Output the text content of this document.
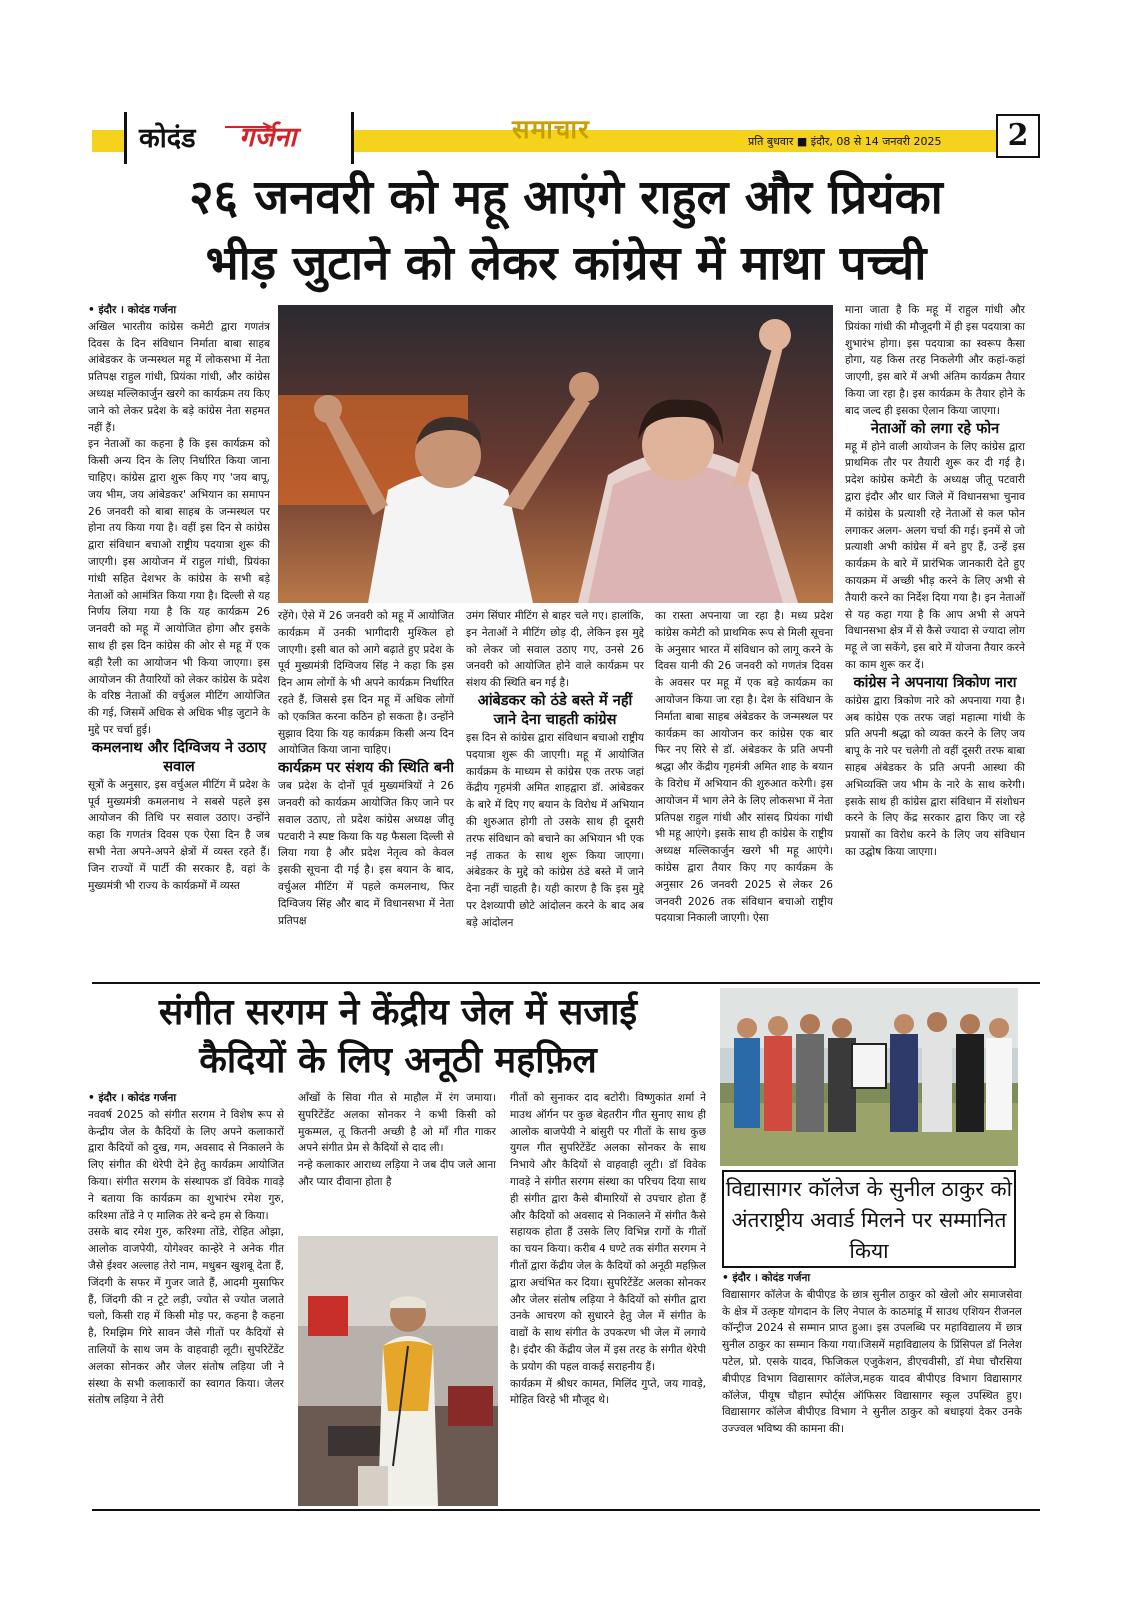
कोदंड गर्जना	समाचार	प्रति बुधवार ■ इंदौर, 08 से 14 जनवरी 2025	2
२६ जनवरी को महू आएंगे राहुल और प्रियंका
भीड़ जुटाने को लेकर कांग्रेस में माथा पच्ची

• इंदौर । कोदंड गर्जना

अखिल भारतीय कांग्रेस कमेटी द्वारा गणतंत्र दिवस के दिन संविधान निर्माता बाबा साहब आंबेडकर के जन्मस्थल महू में लोकसभा में नेता प्रतिपक्ष राहुल गांधी, प्रियंका गांधी, और कांग्रेस अध्यक्ष मल्लिकार्जुन खरगे का कार्यक्रम तय किए जाने को लेकर प्रदेश के बड़े कांग्रेस नेता सहमत नहीं हैं।

इन नेताओं का कहना है कि इस कार्यक्रम को किसी अन्य दिन के लिए निर्धारित किया जाना चाहिए। कांग्रेस द्वारा शुरू किए गए 'जय बापू, जय भीम, जय आंबेडकर' अभियान का समापन 26 जनवरी को बाबा साहब के जन्मस्थल पर होना तय किया गया है। वहीं इस दिन से कांग्रेस द्वारा संविधान बचाओ राष्ट्रीय पदयात्रा शुरू की जाएगी। इस आयोजन में राहुल गांधी, प्रियंका गांधी सहित देशभर के कांग्रेस के सभी बड़े नेताओं को आमंत्रित किया गया है। दिल्ली से यह निर्णय लिया गया है कि यह कार्यक्रम 26 जनवरी को महू में आयोजित होगा और इसके साथ ही इस दिन कांग्रेस की ओर से महू में एक बड़ी रैली का आयोजन भी किया जाएगा। इस आयोजन की तैयारियों को लेकर कांग्रेस के प्रदेश के वरिष्ठ नेताओं की वर्चुअल मीटिंग आयोजित की गई, जिसमें अधिक से अधिक भीड़ जुटाने के मुद्दे पर चर्चा हुई।

कमलनाथ और दिग्विजय ने उठाए सवाल

सूत्रों के अनुसार, इस वर्चुअल मीटिंग में प्रदेश के पूर्व मुख्यमंत्री कमलनाथ ने सबसे पहले इस आयोजन की तिथि पर सवाल उठाए। उन्होंने कहा कि गणतंत्र दिवस एक ऐसा दिन है जब सभी नेता अपने-अपने क्षेत्रों में व्यस्त रहते हैं। जिन राज्यों में पार्टी की सरकार है, वहां के मुख्यमंत्री भी राज्य के कार्यक्रमों में व्यस्त

रहेंगे। ऐसे में 26 जनवरी को महू में आयोजित कार्यक्रम में उनकी भागीदारी मुश्किल हो जाएगी। इसी बात को आगे बढ़ाते हुए प्रदेश के पूर्व मुख्यमंत्री दिग्विजय सिंह ने कहा कि इस दिन आम लोगों के भी अपने कार्यक्रम निर्धारित रहते हैं, जिससे इस दिन महू में अधिक लोगों को एकत्रित करना कठिन हो सकता है। उन्होंने सुझाव दिया कि यह कार्यक्रम किसी अन्य दिन आयोजित किया जाना चाहिए।

कार्यक्रम पर संशय की स्थिति बनी

जब प्रदेश के दोनों पूर्व मुख्यमंत्रियों ने 26 जनवरी को कार्यक्रम आयोजित किए जाने पर सवाल उठाए, तो प्रदेश कांग्रेस अध्यक्ष जीतू पटवारी ने स्पष्ट किया कि यह फैसला दिल्ली से लिया गया है और प्रदेश नेतृत्व को केवल इसकी सूचना दी गई है। इस बयान के बाद, वर्चुअल मीटिंग में पहले कमलनाथ, फिर दिग्विजय सिंह और बाद में विधानसभा में नेता प्रतिपक्ष

उमंग सिंघार मीटिंग से बाहर चले गए। हालांकि, इन नेताओं ने मीटिंग छोड़ दी, लेकिन इस मुद्दे को लेकर जो सवाल उठाए गए, उनसे 26 जनवरी को आयोजित होने वाले कार्यक्रम पर संशय की स्थिति बन गई है।

आंबेडकर को ठंडे बस्ते में नहीं जाने देना चाहती कांग्रेस

इस दिन से कांग्रेस द्वारा संविधान बचाओ राष्ट्रीय पदयात्रा शुरू की जाएगी। महू में आयोजित कार्यक्रम के माध्यम से कांग्रेस एक तरफ जहां केंद्रीय गृहमंत्री अमित शाहद्वारा डॉ. आंबेडकर के बारे में दिए गए बयान के विरोध में अभियान की शुरुआत होगी तो उसके साथ ही दूसरी तरफ संविधान को बचाने का अभियान भी एक नई ताकत के साथ शुरू किया जाएगा। अंबेडकर के मुद्दे को कांग्रेस ठंडे बस्ते में जाने देना नहीं चाहती है। यही कारण है कि इस मुद्दे पर देशव्यापी छोटे आंदोलन करने के बाद अब बड़े आंदोलन

का रास्ता अपनाया जा रहा है। मध्य प्रदेश कांग्रेस कमेटी को प्राथमिक रूप से मिली सूचना के अनुसार भारत में संविधान को लागू करने के दिवस यानी की 26 जनवरी को गणतंत्र दिवस के अवसर पर महू में एक बड़े कार्यक्रम का आयोजन किया जा रहा है। देश के संविधान के निर्माता बाबा साहब अंबेडकर के जन्मस्थल पर कार्यक्रम का आयोजन कर कांग्रेस एक बार फिर नए सिरे से डॉ. अंबेडकर के प्रति अपनी श्रद्धा और केंद्रीय गृहमंत्री अमित शाह के बयान के विरोध में अभियान की शुरुआत करेगी। इस आयोजन में भाग लेने के लिए लोकसभा में नेता प्रतिपक्ष राहुल गांधी और सांसद प्रियंका गांधी भी महू आएंगे। इसके साथ ही कांग्रेस के राष्ट्रीय अध्यक्ष मल्लिकार्जुन खरगे भी महू आएंगे। कांग्रेस द्वारा तैयार किए गए कार्यक्रम के अनुसार 26 जनवरी 2025 से लेकर 26 जनवरी 2026 तक संविधान बचाओ राष्ट्रीय पदयात्रा निकाली जाएगी। ऐसा

माना जाता है कि महू में राहुल गांधी और प्रियंका गांधी की मौजूदगी में ही इस पदयात्रा का शुभारंभ होगा। इस पदयात्रा का स्वरूप कैसा होगा, यह किस तरह निकलेगी और कहां-कहां जाएगी, इस बारे में अभी अंतिम कार्यक्रम तैयार किया जा रहा है। इस कार्यक्रम के तैयार होने के बाद जल्द ही इसका ऐलान किया जाएगा।

नेताओं को लगा रहे फोन

महू में होने वाली आयोजन के लिए कांग्रेस द्वारा प्राथमिक तौर पर तैयारी शुरू कर दी गई है। प्रदेश कांग्रेस कमेटी के अध्यक्ष जीतू पटवारी द्वारा इंदौर और धार जिले में विधानसभा चुनाव में कांग्रेस के प्रत्याशी रहे नेताओं से कल फोन लगाकर अलग- अलग चर्चा की गई। इनमें से जो प्रत्याशी अभी कांग्रेस में बने हुए हैं, उन्हें इस कार्यक्रम के बारे में प्रारंभिक जानकारी देते हुए कायक्रम में अच्छी भीड़ करने के लिए अभी से तैयारी करने का निर्देश दिया गया है। इन नेताओं से यह कहा गया है कि आप अभी से अपने विधानसभा क्षेत्र में से कैसे ज्यादा से ज्यादा लोग महू ले जा सकेंगे, इस बारे में योजना तैयार करने का काम शुरू कर दें।

कांग्रेस ने अपनाया त्रिकोण नारा

कांग्रेस द्वारा त्रिकोण नारे को अपनाया गया है। अब कांग्रेस एक तरफ जहां महात्मा गांधी के प्रति अपनी श्रद्धा को व्यक्त करने के लिए जय बापू के नारे पर चलेगी तो वहीं दूसरी तरफ बाबा साहब अंबेडकर के प्रति अपनी आस्था की अभिव्यक्ति जय भीम के नारे के साथ करेगी। इसके साथ ही कांग्रेस द्वारा संविधान में संशोधन करने के लिए केंद्र सरकार द्वारा किए जा रहे प्रयासों का विरोध करने के लिए जय संविधान का उद्घोष किया जाएगा।

संगीत सरगम ने केंद्रीय जेल में सजाई
कैदियों के लिए अनूठी महफ़िल

• इंदौर । कोदंड गर्जना

नववर्ष 2025 को संगीत सरगम ने विशेष रूप से केन्द्रीय जेल के कैदियों के लिए अपने कलाकारों द्वारा कैदियों को दुख, गम, अवसाद से निकालने के लिए संगीत की थेरेपी देने हेतु कार्यक्रम आयोजित किया। संगीत सरगम के संस्थापक डॉ विवेक गावड़े ने बताया कि कार्यक्रम का शुभारंभ रमेश गुरु, करिश्मा तोंडे ने ए मालिक तेरे बन्दे हम से किया।

उसके बाद रमेश गुरु, करिश्मा तोंडे, रोहित ओझा, आलोक वाजपेयी, योगेश्वर कान्हेरे ने अनेक गीत जैसे ईश्वर अल्लाह तेरो नाम, मधुबन खुशबू देता हैं, जिंदगी के सफर में गुजर जाते हैं, आदमी मुसाफिर हैं, जिंदगी की न टूटे लड़ी, ज्योत से ज्योत जलाते चलो, किसी राह में किसी मोड़ पर, कहना है कहना है, रिमझिम गिरे सावन जैसे गीतों पर कैदियों से तालियों के साथ जम के वाहवाही लूटी। सुपरिटेंडेंट अलका सोनकर और जेलर संतोष लड़िया जी ने संस्था के सभी कलाकारों का स्वागत किया। जेलर संतोष लड़िया ने तेरी

आँखों के सिवा गीत से माहौल में रंग जमाया। सुपरिटेंडेंट अलका सोनकर ने कभी किसी को मुकम्मल, तू कितनी अच्छी है ओ माँ गीत गाकर अपने संगीत प्रेम से कैदियों से दाद ली।

नन्हे कलाकार आराध्य लड़िया ने जब दीप जले आना और प्यार दीवाना होता है

गीतों को सुनाकर दाद बटोरी। विष्णुकांत शर्मा ने माउथ ऑर्गन पर कुछ बेहतरीन गीत सुनाए साथ ही आलोक बाजपेयी ने बांसुरी पर गीतों के साथ कुछ युगल गीत सुपरिटेंडेंट अलका सोनकर के साथ निभाये और कैदियों से वाहवाही लूटी। डॉ विवेक गावड़े ने संगीत सरगम संस्था का परिचय दिया साथ ही संगीत द्वारा कैसे बीमारियों से उपचार होता हैं और कैदियों को अवसाद से निकालने में संगीत कैसे सहायक होता हैं उसके लिए विभिन्न रागों के गीतों का चयन किया। करीब 4 घण्टे तक संगीत सरगम ने गीतों द्वारा केंद्रीय जेल के कैदियों को अनूठी महफ़िल द्वारा अचंभित कर दिया। सुपरिटेंडेंट अलका सोनकर और जेलर संतोष लड़िया ने कैदियों को संगीत द्वारा उनके आचरण को सुधारने हेतु जेल में संगीत के वाद्यों के साथ संगीत के उपकरण भी जेल में लगाये है। इंदौर की केंद्रीय जेल में इस तरह के संगीत थेरेपी के प्रयोग की पहल वाकई सराहनीय हैं।

कार्यक्रम में श्रीधर कामत, मिलिंद गुप्ते, जय गावड़े, मोहित विरहे भी मौजूद थे।

विद्यासागर कॉलेज के सुनील ठाकुर को अंतराष्ट्रीय अवार्ड मिलने पर सम्मानित किया

• इंदौर । कोदंड गर्जना

विद्यासागर कॉलेज के बीपीएड के छात्र सुनील ठाकुर को खेलो ओर समाजसेवा के क्षेत्र में उत्कृष्ट योगदान के लिए नेपाल के काठमांडू में साउथ एशियन रीजनल कॉन्ट्रीज 2024 से सम्मान प्राप्त हुआ। इस उपलब्धि पर महाविद्यालय में छात्र सुनील ठाकुर का सम्मान किया गया।जिसमें महाविद्यालय के प्रिंसिपल डॉ निलेश पटेल, प्रो. एसके यादव, फिजिकल एजुकेशन, डीएचवीसी, डॉ मेघा चौरसिया बीपीएड विभाग विद्यासागर कॉलेज,महक यादव बीपीएड विभाग विद्यासागर कॉलेज, पीयूष चौहान स्पोर्ट्स ऑफिसर विद्यासागर स्कूल उपस्थित हुए। विद्यासागर कॉलेज बीपीएड विभाग ने सुनील ठाकुर को बधाइयां देकर उनके उज्ज्वल भविष्य की कामना की।
